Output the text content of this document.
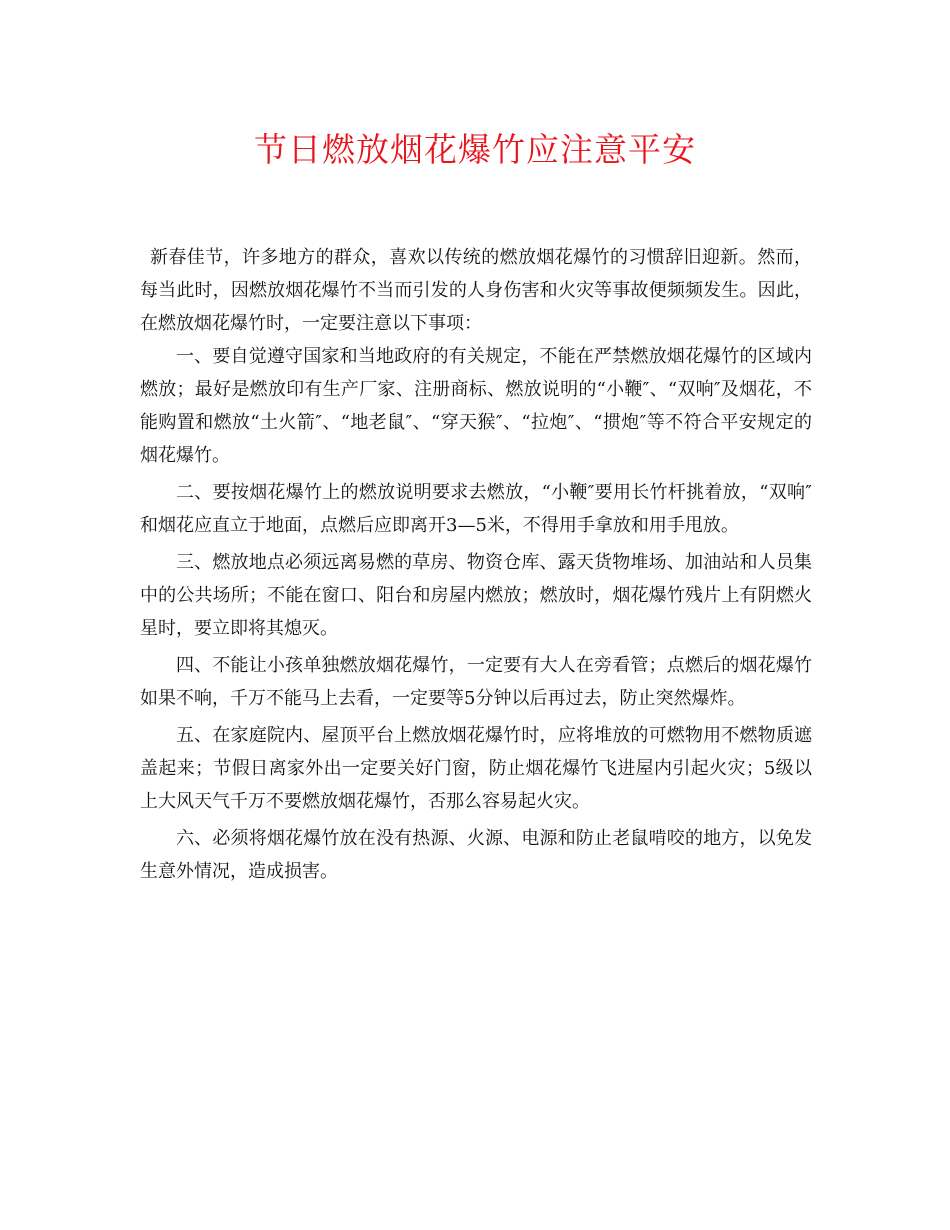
节日燃放烟花爆竹应注意平安

新春佳节，许多地方的群众，喜欢以传统的燃放烟花爆竹的习惯辞旧迎新。然而，每当此时，因燃放烟花爆竹不当而引发的人身伤害和火灾等事故便频频发生。因此，在燃放烟花爆竹时，一定要注意以下事项：

一、要自觉遵守国家和当地政府的有关规定，不能在严禁燃放烟花爆竹的区域内燃放；最好是燃放印有生产厂家、注册商标、燃放说明的“小鞭″、“双响″及烟花，不能购置和燃放“土火箭″、“地老鼠″、“穿天猴″、“拉炮″、“掼炮″等不符合平安规定的烟花爆竹。

二、要按烟花爆竹上的燃放说明要求去燃放，“小鞭″要用长竹杆挑着放，“双响″和烟花应直立于地面，点燃后应即离开3—5米，不得用手拿放和用手甩放。

三、燃放地点必须远离易燃的草房、物资仓库、露天货物堆场、加油站和人员集中的公共场所；不能在窗口、阳台和房屋内燃放；燃放时，烟花爆竹残片上有阴燃火星时，要立即将其熄灭。

四、不能让小孩单独燃放烟花爆竹，一定要有大人在旁看管；点燃后的烟花爆竹如果不响，千万不能马上去看，一定要等5分钟以后再过去，防止突然爆炸。

五、在家庭院内、屋顶平台上燃放烟花爆竹时，应将堆放的可燃物用不燃物质遮盖起来；节假日离家外出一定要关好门窗，防止烟花爆竹飞进屋内引起火灾；5级以上大风天气千万不要燃放烟花爆竹，否那么容易起火灾。

六、必须将烟花爆竹放在没有热源、火源、电源和防止老鼠啃咬的地方，以免发生意外情况，造成损害。
